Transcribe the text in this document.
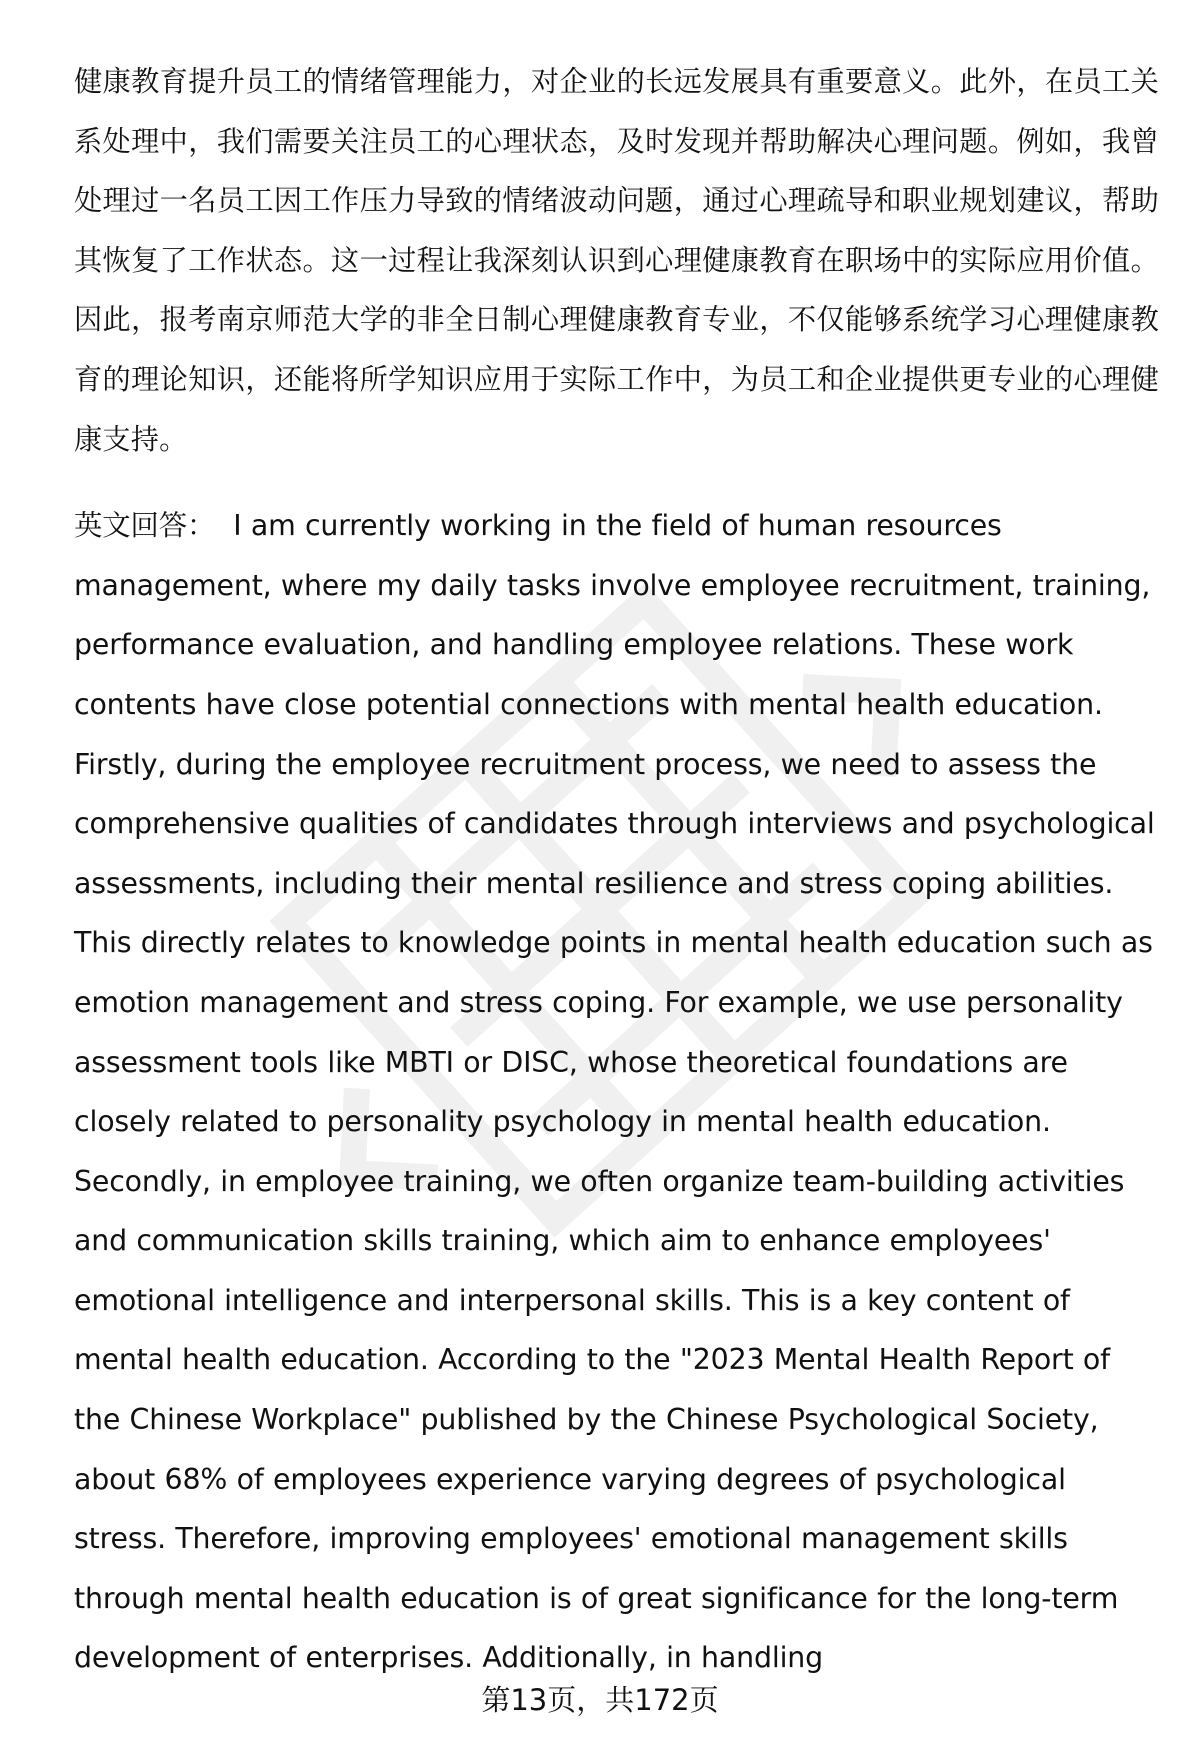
健康教育提升员工的情绪管理能力，对企业的长远发展具有重要意义。此外，在员工关系处理中，我们需要关注员工的心理状态，及时发现并帮助解决心理问题。例如，我曾处理过一名员工因工作压力导致的情绪波动问题，通过心理疏导和职业规划建议，帮助其恢复了工作状态。这一过程让我深刻认识到心理健康教育在职场中的实际应用价值。因此，报考南京师范大学的非全日制心理健康教育专业，不仅能够系统学习心理健康教育的理论知识，还能将所学知识应用于实际工作中，为员工和企业提供更专业的心理健康支持。

英文回答： I am currently working in the field of human resources management, where my daily tasks involve employee recruitment, training, performance evaluation, and handling employee relations. These work contents have close potential connections with mental health education. Firstly, during the employee recruitment process, we need to assess the comprehensive qualities of candidates through interviews and psychological assessments, including their mental resilience and stress coping abilities. This directly relates to knowledge points in mental health education such as emotion management and stress coping. For example, we use personality assessment tools like MBTI or DISC, whose theoretical foundations are closely related to personality psychology in mental health education. Secondly, in employee training, we often organize team-building activities and communication skills training, which aim to enhance employees' emotional intelligence and interpersonal skills. This is a key content of mental health education. According to the "2023 Mental Health Report of the Chinese Workplace" published by the Chinese Psychological Society, about 68% of employees experience varying degrees of psychological stress. Therefore, improving employees' emotional management skills through mental health education is of great significance for the long-term development of enterprises. Additionally, in handling

第13页，共172页
